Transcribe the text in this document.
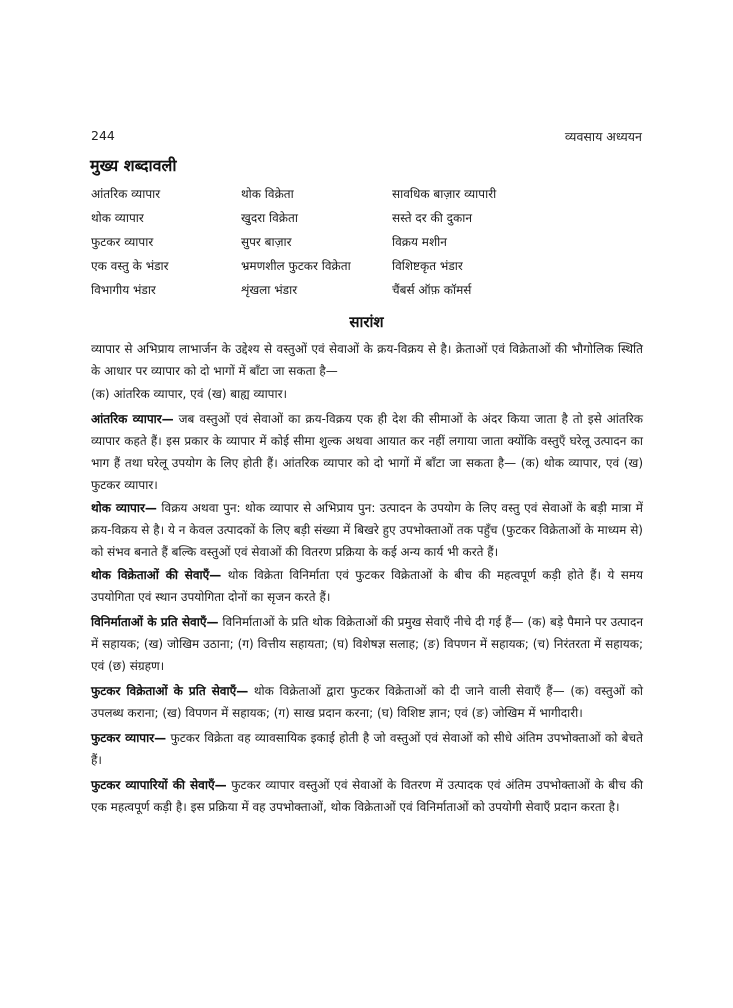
244	व्यवसाय अध्ययन
मुख्य शब्दावली
आंतरिक व्यापार	थोक विक्रेता	सावधिक बाज़ार व्यापारी
थोक व्यापार	खुदरा विक्रेता	सस्ते दर की दुकान
फुटकर व्यापार	सुपर बाज़ार	विक्रय मशीन
एक वस्तु के भंडार	भ्रमणशील फुटकर विक्रेता	विशिष्टकृत भंडार
विभागीय भंडार	शृंखला भंडार	चैंबर्स ऑफ़ कॉमर्स
सारांश

व्यापार से अभिप्राय लाभार्जन के उद्देश्य से वस्तुओं एवं सेवाओं के क्रय-विक्रय से है। क्रेताओं एवं विक्रेताओं की भौगोलिक स्थिति के आधार पर व्यापार को दो भागों में बाँटा जा सकता है—

(क) आंतरिक व्यापार, एवं (ख) बाह्य व्यापार।

आंतरिक व्यापार— जब वस्तुओं एवं सेवाओं का क्रय-विक्रय एक ही देश की सीमाओं के अंदर किया जाता है तो इसे आंतरिक व्यापार कहते हैं। इस प्रकार के व्यापार में कोई सीमा शुल्क अथवा आयात कर नहीं लगाया जाता क्योंकि वस्तुएँ घरेलू उत्पादन का भाग हैं तथा घरेलू उपयोग के लिए होती हैं। आंतरिक व्यापार को दो भागों में बाँटा जा सकता है— (क) थोक व्यापार, एवं (ख) फुटकर व्यापार।

थोक व्यापार— विक्रय अथवा पुन: थोक व्यापार से अभिप्राय पुन: उत्पादन के उपयोग के लिए वस्तु एवं सेवाओं के बड़ी मात्रा में क्रय-विक्रय से है। ये न केवल उत्पादकों के लिए बड़ी संख्या में बिखरे हुए उपभोक्ताओं तक पहुँच (फुटकर विक्रेताओं के माध्यम से) को संभव बनाते हैं बल्कि वस्तुओं एवं सेवाओं की वितरण प्रक्रिया के कई अन्य कार्य भी करते हैं।

थोक विक्रेताओं की सेवाएँ— थोक विक्रेता विनिर्माता एवं फुटकर विक्रेताओं के बीच की महत्वपूर्ण कड़ी होते हैं। ये समय उपयोगिता एवं स्थान उपयोगिता दोनों का सृजन करते हैं।

विनिर्माताओं के प्रति सेवाएँ— विनिर्माताओं के प्रति थोक विक्रेताओं की प्रमुख सेवाएँ नीचे दी गई हैं— (क) बड़े पैमाने पर उत्पादन में सहायक; (ख) जोखिम उठाना; (ग) वित्तीय सहायता; (घ) विशेषज्ञ सलाह; (ङ) विपणन में सहायक; (च) निरंतरता में सहायक; एवं (छ) संग्रहण।

फुटकर विक्रेताओं के प्रति सेवाएँ— थोक विक्रेताओं द्वारा फुटकर विक्रेताओं को दी जाने वाली सेवाएँ हैं— (क) वस्तुओं को उपलब्ध कराना; (ख) विपणन में सहायक; (ग) साख प्रदान करना; (घ) विशिष्ट ज्ञान; एवं (ङ) जोखिम में भागीदारी।

फुटकर व्यापार— फुटकर विक्रेता वह व्यावसायिक इकाई होती है जो वस्तुओं एवं सेवाओं को सीधे अंतिम उपभोक्ताओं को बेचते हैं।

फुटकर व्यापारियों की सेवाएँ— फुटकर व्यापार वस्तुओं एवं सेवाओं के वितरण में उत्पादक एवं अंतिम उपभोक्ताओं के बीच की एक महत्वपूर्ण कड़ी है। इस प्रक्रिया में वह उपभोक्ताओं, थोक विक्रेताओं एवं विनिर्माताओं को उपयोगी सेवाएँ प्रदान करता है।
